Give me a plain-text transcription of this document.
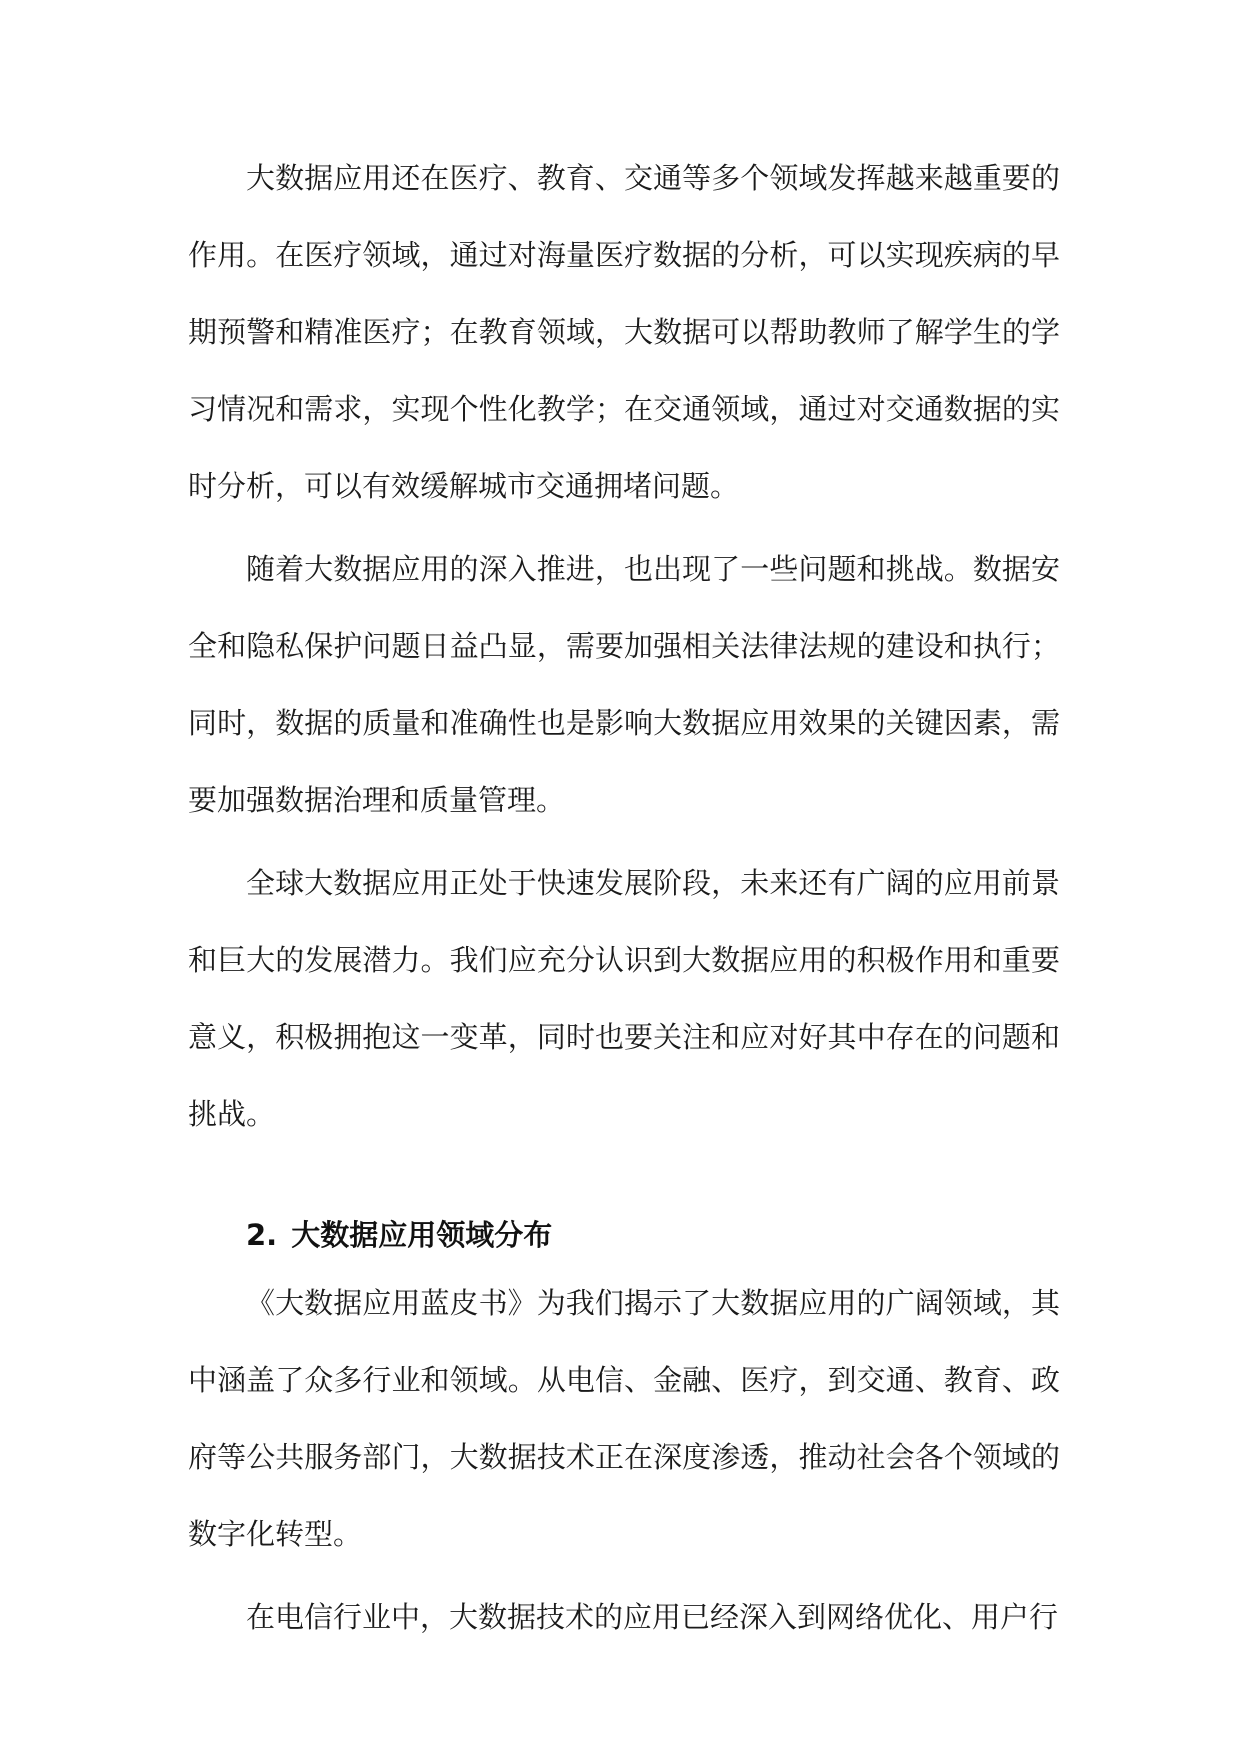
大数据应用还在医疗、教育、交通等多个领域发挥越来越重要的作用。在医疗领域，通过对海量医疗数据的分析，可以实现疾病的早期预警和精准医疗；在教育领域，大数据可以帮助教师了解学生的学习情况和需求，实现个性化教学；在交通领域，通过对交通数据的实时分析，可以有效缓解城市交通拥堵问题。

随着大数据应用的深入推进，也出现了一些问题和挑战。数据安全和隐私保护问题日益凸显，需要加强相关法律法规的建设和执行；同时，数据的质量和准确性也是影响大数据应用效果的关键因素，需要加强数据治理和质量管理。

全球大数据应用正处于快速发展阶段，未来还有广阔的应用前景和巨大的发展潜力。我们应充分认识到大数据应用的积极作用和重要意义，积极拥抱这一变革，同时也要关注和应对好其中存在的问题和挑战。

2. 大数据应用领域分布

《大数据应用蓝皮书》为我们揭示了大数据应用的广阔领域，其中涵盖了众多行业和领域。从电信、金融、医疗，到交通、教育、政府等公共服务部门，大数据技术正在深度渗透，推动社会各个领域的数字化转型。

在电信行业中，大数据技术的应用已经深入到网络优化、用户行
